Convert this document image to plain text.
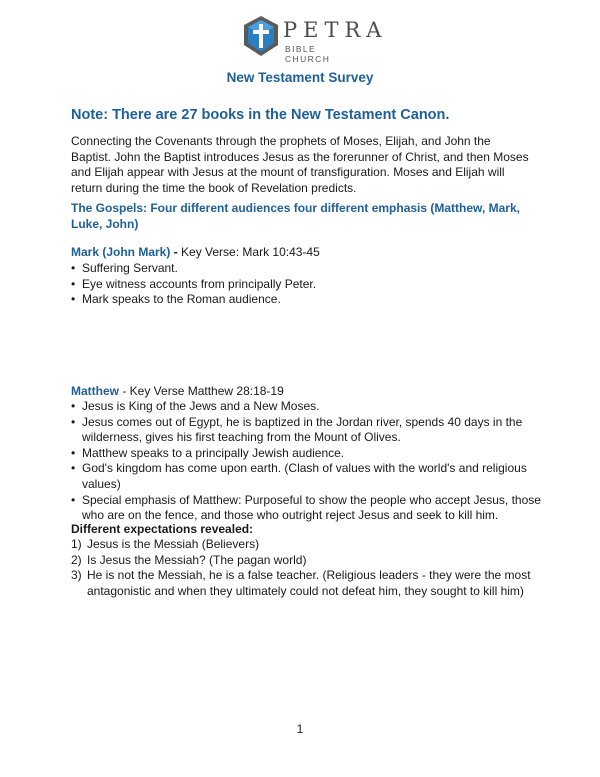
PETRA
BIBLE CHURCH
New Testament Survey
Note: There are 27 books in the New Testament Canon.
Connecting the Covenants through the prophets of Moses, Elijah, and John the Baptist. John the Baptist introduces Jesus as the forerunner of Christ, and then Moses and Elijah appear with Jesus at the mount of transfiguration. Moses and Elijah will return during the time the book of Revelation predicts.
The Gospels: Four different audiences four different emphasis (Matthew, Mark, Luke, John)
Mark (John Mark) - Key Verse: Mark 10:43-45
• Suffering Servant.
• Eye witness accounts from principally Peter.
• Mark speaks to the Roman audience.
Matthew - Key Verse Matthew 28:18-19
• Jesus is King of the Jews and a New Moses.
• Jesus comes out of Egypt, he is baptized in the Jordan river, spends 40 days in the wilderness, gives his first teaching from the Mount of Olives.
• Matthew speaks to a principally Jewish audience.
• God's kingdom has come upon earth. (Clash of values with the world's and religious values)
• Special emphasis of Matthew: Purposeful to show the people who accept Jesus, those who are on the fence, and those who outright reject Jesus and seek to kill him.
Different expectations revealed:
1) Jesus is the Messiah (Believers)
2) Is Jesus the Messiah? (The pagan world)
3) He is not the Messiah, he is a false teacher. (Religious leaders - they were the most antagonistic and when they ultimately could not defeat him, they sought to kill him)
1
